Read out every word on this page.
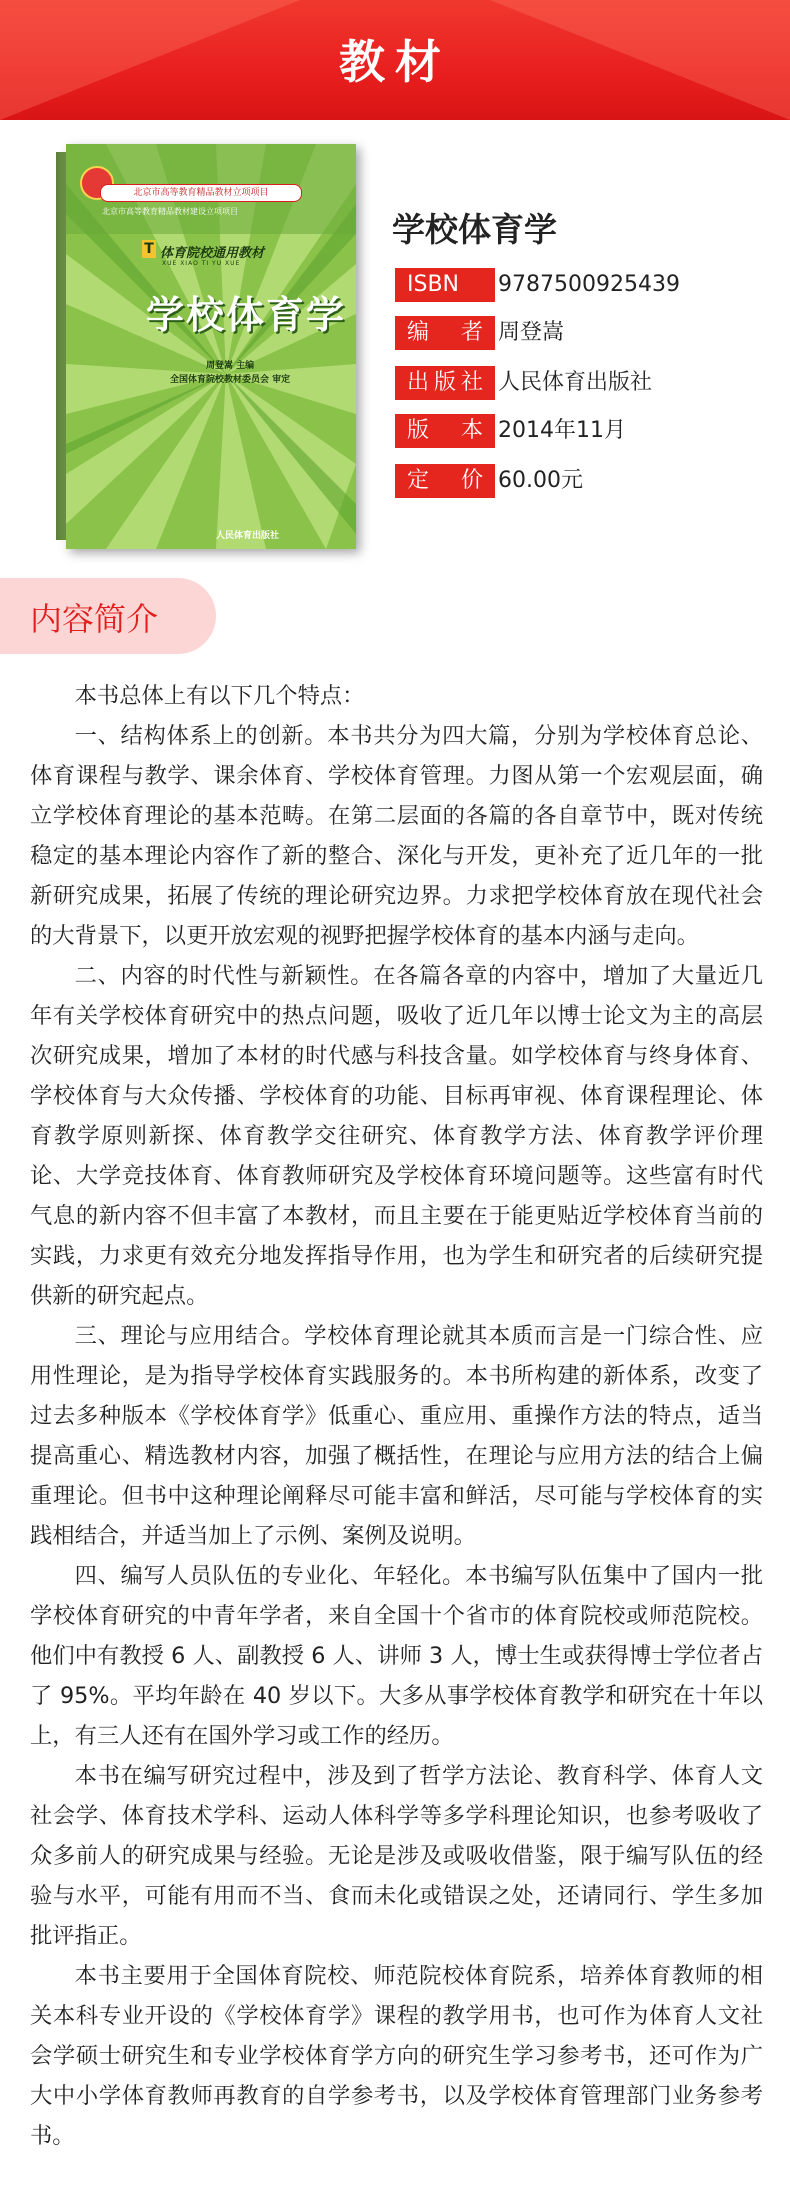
教材
北京市高等教育精品教材立项项目
北京市高等教育精品教材建设立项项目
T 体育院校通用教材
XUE XIAO TI YU XUE
学校体育学
周登嵩 主编
全国体育院校教材委员会 审定
人民体育出版社
学校体育学
ISBN	9787500925439
编者 周登嵩
出版社 人民体育出版社
版本 2014年11月
定价 60.00元
内容简介

本书总体上有以下几个特点：

一、结构体系上的创新。本书共分为四大篇，分别为学校体育总论、体育课程与教学、课余体育、学校体育管理。力图从第一个宏观层面，确立学校体育理论的基本范畴。在第二层面的各篇的各自章节中，既对传统稳定的基本理论内容作了新的整合、深化与开发，更补充了近几年的一批新研究成果，拓展了传统的理论研究边界。力求把学校体育放在现代社会的大背景下，以更开放宏观的视野把握学校体育的基本内涵与走向。

二、内容的时代性与新颖性。在各篇各章的内容中，增加了大量近几年有关学校体育研究中的热点问题，吸收了近几年以博士论文为主的高层次研究成果，增加了本材的时代感与科技含量。如学校体育与终身体育、学校体育与大众传播、学校体育的功能、目标再审视、体育课程理论、体育教学原则新探、体育教学交往研究、体育教学方法、体育教学评价理论、大学竞技体育、体育教师研究及学校体育环境问题等。这些富有时代气息的新内容不但丰富了本教材，而且主要在于能更贴近学校体育当前的实践，力求更有效充分地发挥指导作用，也为学生和研究者的后续研究提供新的研究起点。

三、理论与应用结合。学校体育理论就其本质而言是一门综合性、应用性理论，是为指导学校体育实践服务的。本书所构建的新体系，改变了过去多种版本《学校体育学》低重心、重应用、重操作方法的特点，适当提高重心、精选教材内容，加强了概括性，在理论与应用方法的结合上偏重理论。但书中这种理论阐释尽可能丰富和鲜活，尽可能与学校体育的实践相结合，并适当加上了示例、案例及说明。

四、编写人员队伍的专业化、年轻化。本书编写队伍集中了国内一批学校体育研究的中青年学者，来自全国十个省市的体育院校或师范院校。他们中有教授 6 人、副教授 6 人、讲师 3 人，博士生或获得博士学位者占了 95%。平均年龄在 40 岁以下。大多从事学校体育教学和研究在十年以上，有三人还有在国外学习或工作的经历。

本书在编写研究过程中，涉及到了哲学方法论、教育科学、体育人文社会学、体育技术学科、运动人体科学等多学科理论知识，也参考吸收了众多前人的研究成果与经验。无论是涉及或吸收借鉴，限于编写队伍的经验与水平，可能有用而不当、食而未化或错误之处，还请同行、学生多加批评指正。

本书主要用于全国体育院校、师范院校体育院系，培养体育教师的相关本科专业开设的《学校体育学》课程的教学用书，也可作为体育人文社会学硕士研究生和专业学校体育学方向的研究生学习参考书，还可作为广大中小学体育教师再教育的自学参考书，以及学校体育管理部门业务参考书。
